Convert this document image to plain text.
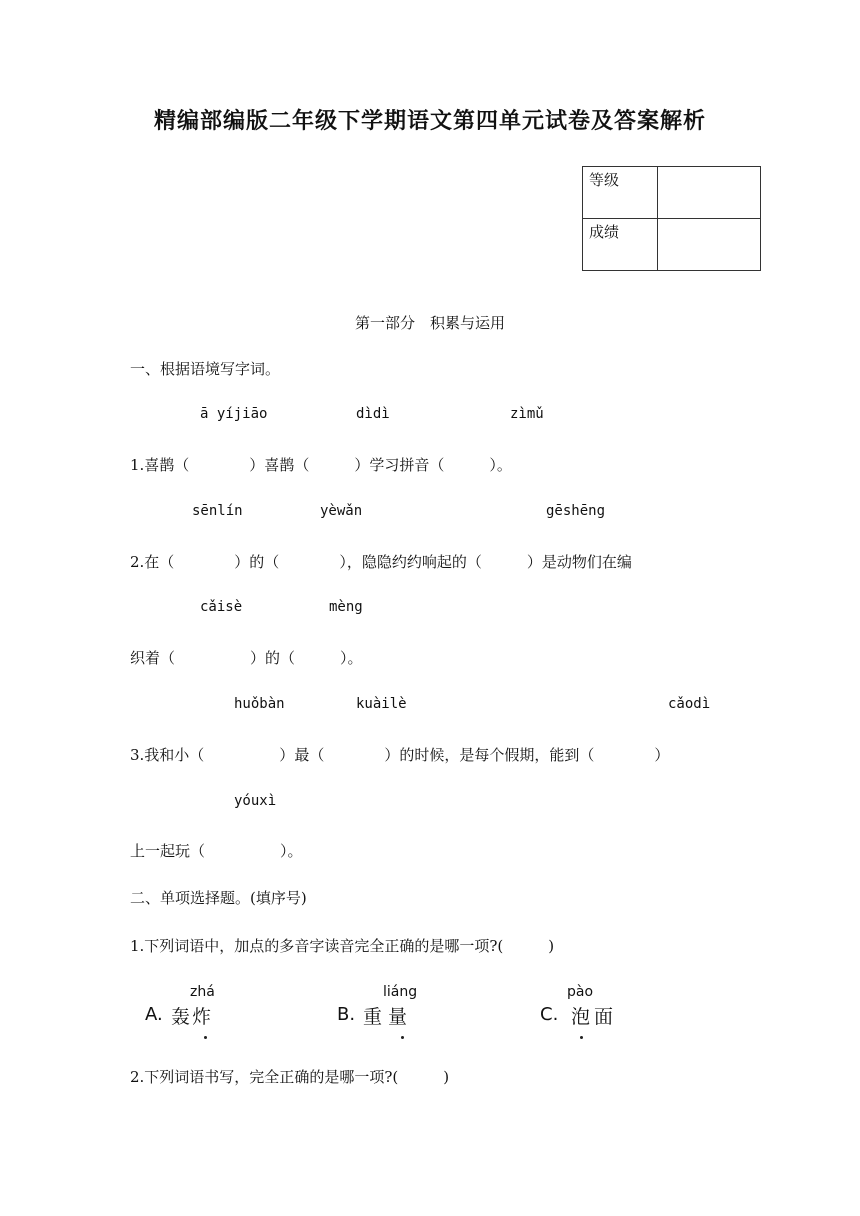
精编部编版二年级下学期语文第四单元试卷及答案解析
等级	
成绩	
第一部分　积累与运用
一、根据语境写字词。
ā yíjiāo	dìdì	zìmǔ
1.喜鹊（　　　　）喜鹊（　　　）学习拼音（　　　）。
sēnlín	yèwǎn	gēshēng
2.在（　　　　）的（　　　　），隐隐约约响起的（　　　）是动物们在编
cǎisè	mèng
织着（　　　　　）的（　　　）。
huǒbàn	kuàilè	cǎodì
3.我和小（　　　　　）最（　　　　）的时候，是每个假期，能到（　　　　）
yóuxì
上一起玩（　　　　　）。
二、单项选择题。(填序号)
1.下列词语中，加点的多音字读音完全正确的是哪一项?(　　　)
A.
zhá
轰炸	B.
liáng
重量	C.
pào
泡面
2.下列词语书写，完全正确的是哪一项?(　　　)
